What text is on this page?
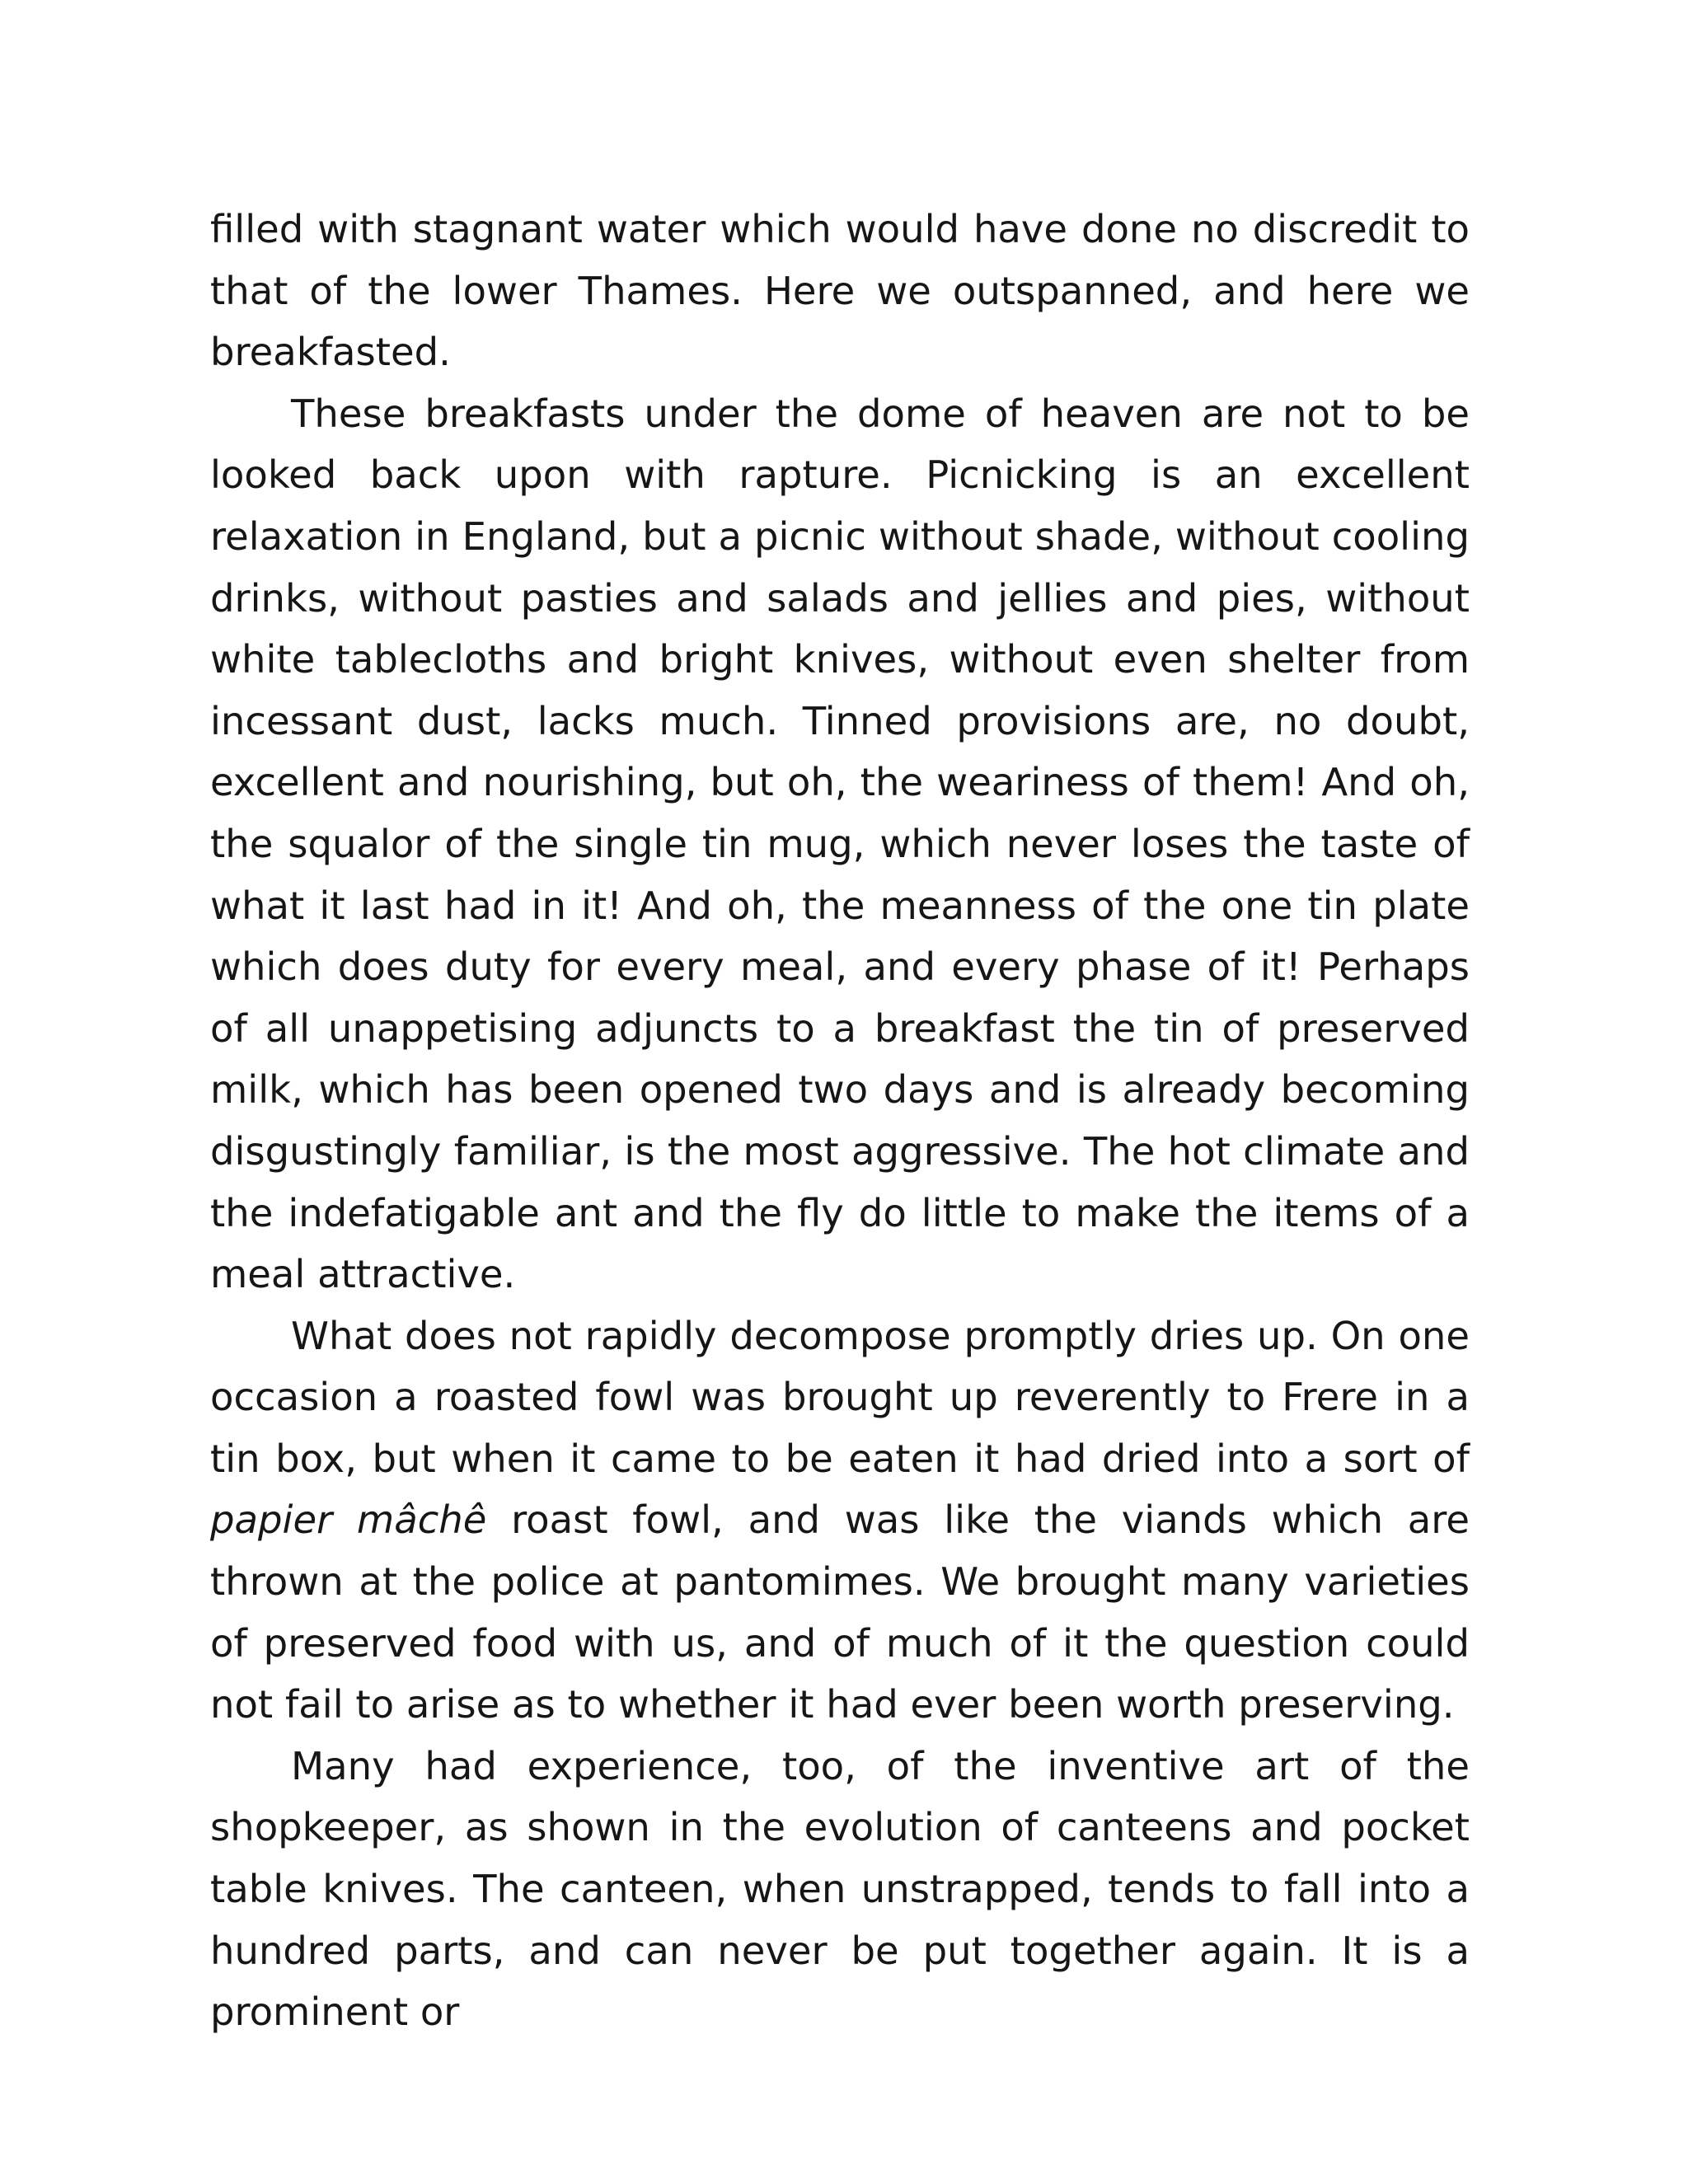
filled with stagnant water which would have done no discredit to that of the lower Thames. Here we outspanned, and here we breakfasted.

These breakfasts under the dome of heaven are not to be looked back upon with rapture. Picnicking is an excellent relaxation in England, but a picnic without shade, without cooling drinks, without pasties and salads and jellies and pies, without white tablecloths and bright knives, without even shelter from incessant dust, lacks much. Tinned provisions are, no doubt, excellent and nourishing, but oh, the weariness of them! And oh, the squalor of the single tin mug, which never loses the taste of what it last had in it! And oh, the meanness of the one tin plate which does duty for every meal, and every phase of it! Perhaps of all unappetising adjuncts to a breakfast the tin of preserved milk, which has been opened two days and is already becoming disgustingly familiar, is the most aggressive. The hot climate and the indefatigable ant and the fly do little to make the items of a meal attractive.

What does not rapidly decompose promptly dries up. On one occasion a roasted fowl was brought up reverently to Frere in a tin box, but when it came to be eaten it had dried into a sort of papier mâchê roast fowl, and was like the viands which are thrown at the police at pantomimes. We brought many varieties of preserved food with us, and of much of it the question could not fail to arise as to whether it had ever been worth preserving.

Many had experience, too, of the inventive art of the shopkeeper, as shown in the evolution of canteens and pocket table knives. The canteen, when unstrapped, tends to fall into a hundred parts, and can never be put together again. It is a prominent or
